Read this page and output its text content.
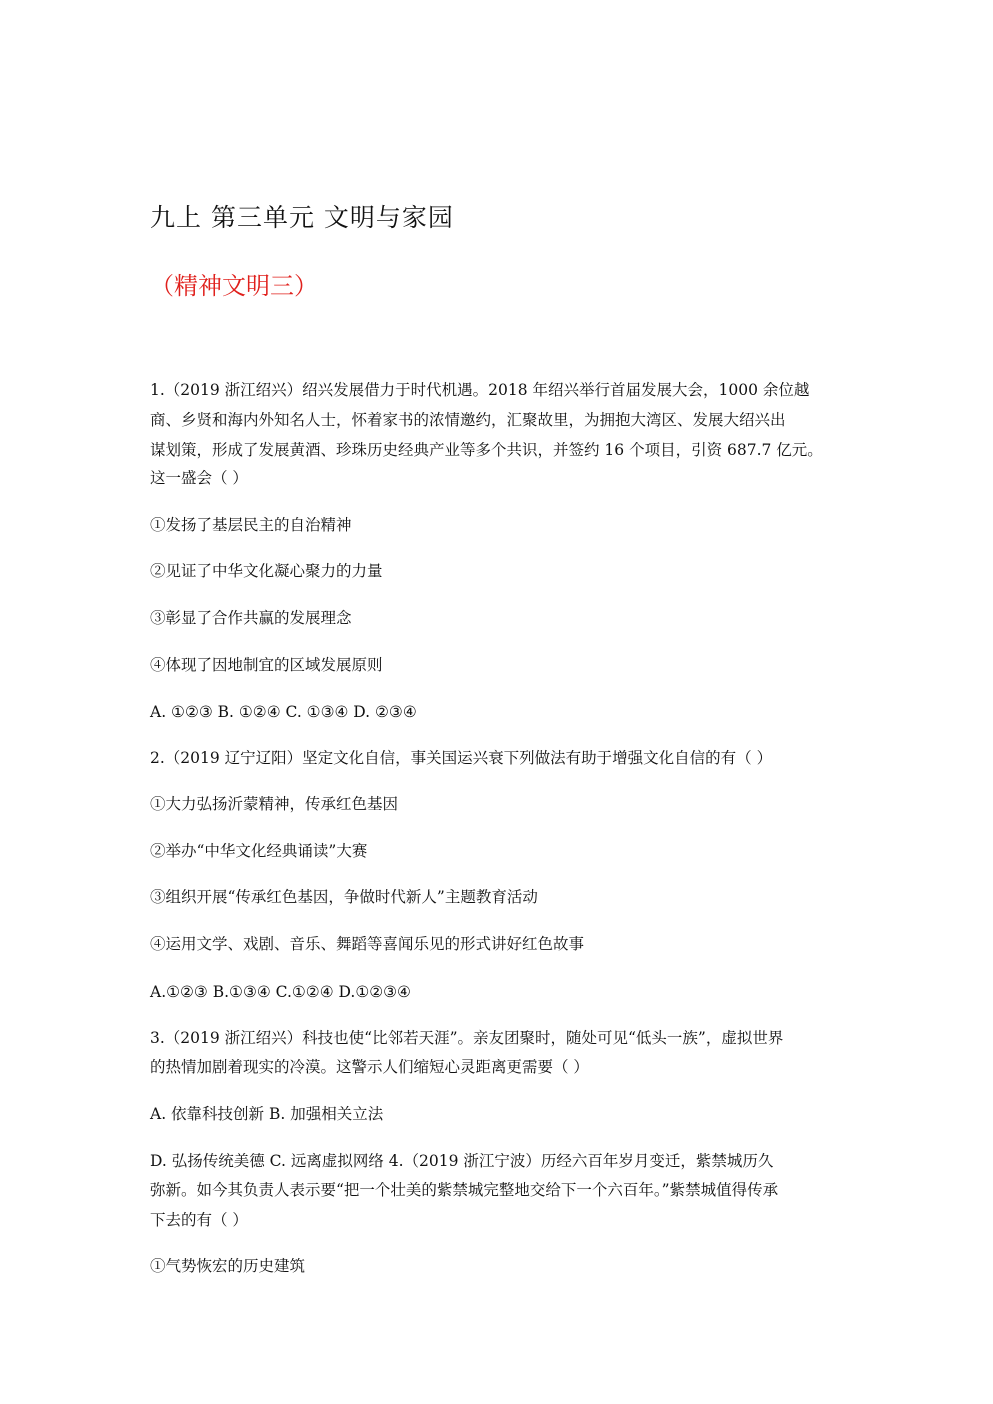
九上 第三单元 文明与家园
（精神文明三）
1.（2019 浙江绍兴）绍兴发展借力于时代机遇。2018 年绍兴举行首届发展大会，1000 余位越
商、乡贤和海内外知名人士，怀着家书的浓情邀约，汇聚故里，为拥抱大湾区、发展大绍兴出
谋划策，形成了发展黄酒、珍珠历史经典产业等多个共识，并签约 16 个项目，引资 687.7 亿元。
这一盛会（ ）
①发扬了基层民主的自治精神
②见证了中华文化凝心聚力的力量
③彰显了合作共赢的发展理念
④体现了因地制宜的区域发展原则
A. ①②③ B. ①②④ C. ①③④ D. ②③④
2.（2019 辽宁辽阳）坚定文化自信，事关国运兴衰下列做法有助于增强文化自信的有（ ）
①大力弘扬沂蒙精神，传承红色基因
②举办“中华文化经典诵读”大赛
③组织开展“传承红色基因，争做时代新人”主题教育活动
④运用文学、戏剧、音乐、舞蹈等喜闻乐见的形式讲好红色故事
A.①②③ B.①③④ C.①②④ D.①②③④
3.（2019 浙江绍兴）科技也使“比邻若天涯”。亲友团聚时，随处可见“低头一族”，虚拟世界
的热情加剧着现实的冷漠。这警示人们缩短心灵距离更需要（ ）
A. 依靠科技创新 B. 加强相关立法
D. 弘扬传统美德 C. 远离虚拟网络 4.（2019 浙江宁波）历经六百年岁月变迁，紫禁城历久
弥新。如今其负责人表示要“把一个壮美的紫禁城完整地交给下一个六百年。”紫禁城值得传承
下去的有（ ）
①气势恢宏的历史建筑
